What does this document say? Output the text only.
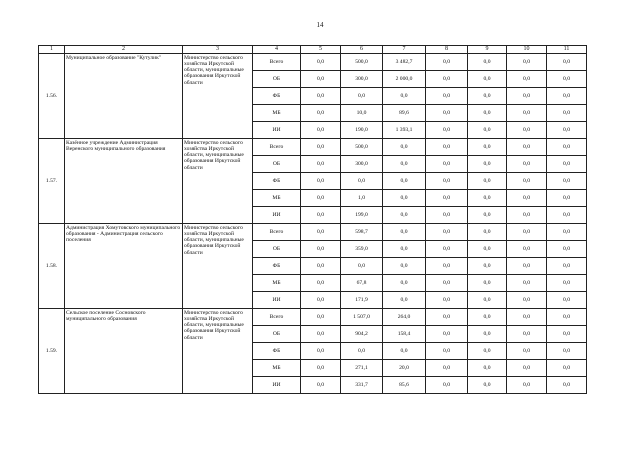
14
1	2	3	4	5	6	7	8	9	10	11
1.56.	Муниципальное образование "Кутулик"	Министерство сельского хозяйства Иркутской области, муниципальные образования Иркутской области	Всего	0,0	500,0	3 482,7	0,0	0,0	0,0	0,0
			ОБ	0,0	300,0	2 000,0	0,0	0,0	0,0	0,0
			ФБ	0,0	0,0	0,0	0,0	0,0	0,0	0,0
			МБ	0,0	10,0	89,6	0,0	0,0	0,0	0,0
			ИИ	0,0	190,0	1 393,1	0,0	0,0	0,0	0,0
1.57.	Казённое учреждение Администрация Веренского муниципального образования	Министерство сельского хозяйства Иркутской области, муниципальные образования Иркутской области	Всего	0,0	500,0	0,0	0,0	0,0	0,0	0,0
			ОБ	0,0	300,0	0,0	0,0	0,0	0,0	0,0
			ФБ	0,0	0,0	0,0	0,0	0,0	0,0	0,0
			МБ	0,0	1,0	0,0	0,0	0,0	0,0	0,0
			ИИ	0,0	199,0	0,0	0,0	0,0	0,0	0,0
1.58.	Администрация Хомутовского муниципального образования - Администрация сельского поселения	Министерство сельского хозяйства Иркутской области, муниципальные образования Иркутской области	Всего	0,0	598,7	0,0	0,0	0,0	0,0	0,0
			ОБ	0,0	359,0	0,0	0,0	0,0	0,0	0,0
			ФБ	0,0	0,0	0,0	0,0	0,0	0,0	0,0
			МБ	0,0	67,8	0,0	0,0	0,0	0,0	0,0
			ИИ	0,0	171,9	0,0	0,0	0,0	0,0	0,0
1.59.	Сельское поселение Сосновского муниципального образования	Министерство сельского хозяйства Иркутской области, муниципальные образования Иркутской области	Всего	0,0	1 507,0	264,0	0,0	0,0	0,0	0,0
			ОБ	0,0	904,2	158,4	0,0	0,0	0,0	0,0
			ФБ	0,0	0,0	0,0	0,0	0,0	0,0	0,0
			МБ	0,0	271,1	20,0	0,0	0,0	0,0	0,0
			ИИ	0,0	331,7	85,6	0,0	0,0	0,0	0,0
